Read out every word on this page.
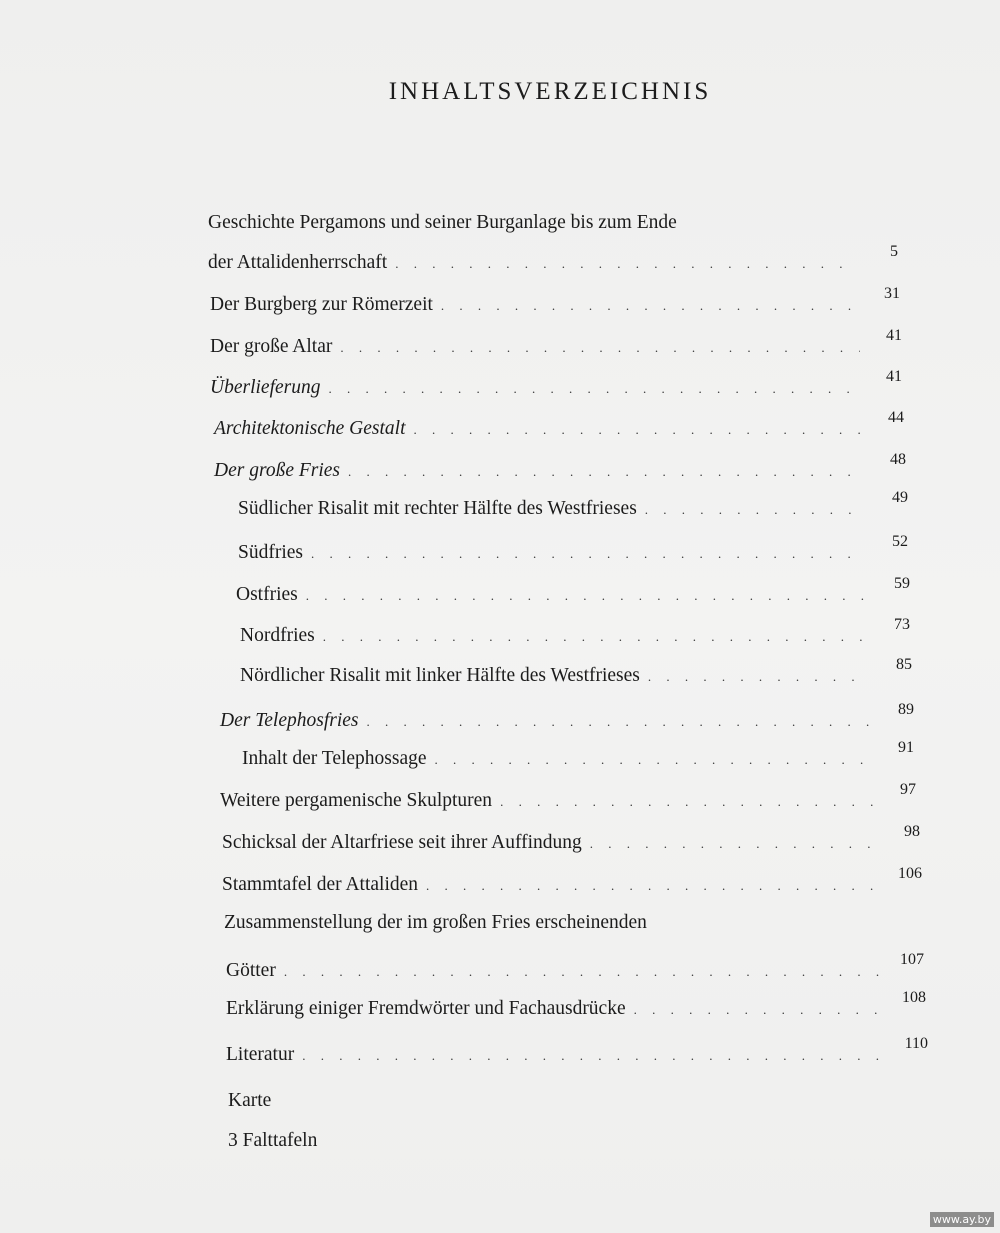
INHALTSVERZEICHNIS
Geschichte Pergamons und seiner Burganlage bis zum Ende
der Attalidenherrschaft
. . .
5
Der Burgberg zur Römerzeit
. . .
31
Der große Altar
. . .
41
Überlieferung
. . .
41
Architektonische Gestalt
. . .
44
Der große Fries
. . .
48
Südlicher Risalit mit rechter Hälfte des Westfrieses
. . .
49
Südfries
. . .
52
Ostfries
. . .
59
Nordfries
. . .
73
Nördlicher Risalit mit linker Hälfte des Westfrieses
. . .
85
Der Telephosfries
. . .
89
Inhalt der Telephossage
. . .
91
Weitere pergamenische Skulpturen
. . .
97
Schicksal der Altarfriese seit ihrer Auffindung
. . .
98
Stammtafel der Attaliden
. . .
106
Zusammenstellung der im großen Fries erscheinenden
Götter
. . .
107
Erklärung einiger Fremdwörter und Fachausdrücke
. . .
108
Literatur
. . .
110
Karte
3 Falttafeln
www.ay.by
